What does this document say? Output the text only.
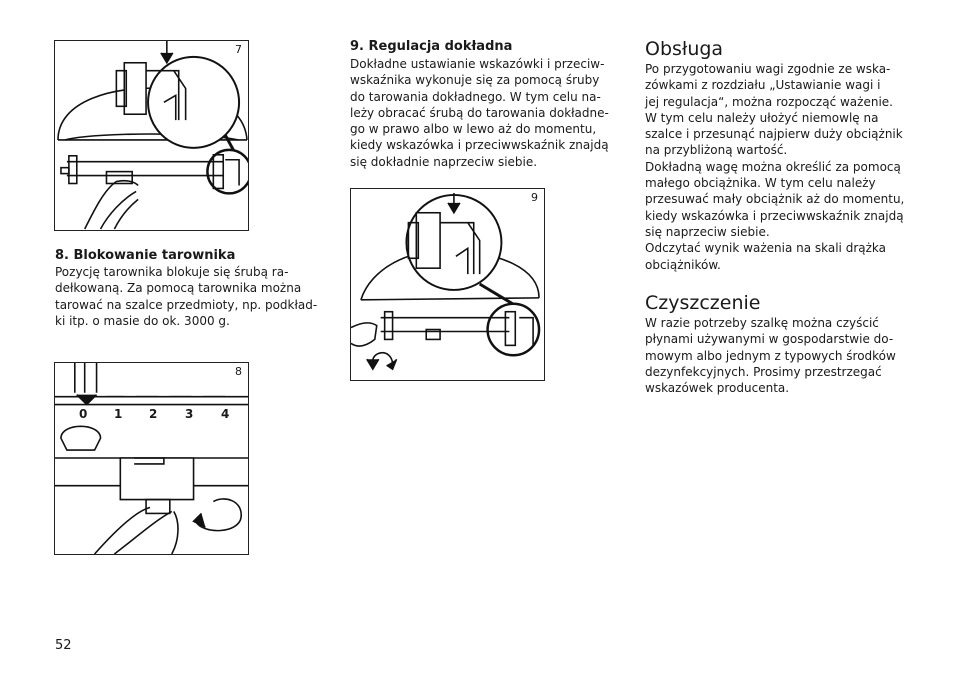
7
8. Blokowanie tarownika

Pozycję tarownika blokuje się śrubą ra-
dełkowaną. Za pomocą tarownika można
tarować na szalce przedmioty, np. podkład-
ki itp. o masie do ok. 3000 g.

0 1 2 3 4
8
9. Regulacja dokładna

Dokładne ustawianie wskazówki i przeciw-
wskaźnika wykonuje się za pomocą śruby
do tarowania dokładnego. W tym celu na-
leży obracać śrubą do tarowania dokładne-
go w prawo albo w lewo aż do momentu,
kiedy wskazówka i przeciwwskaźnik znajdą
się dokładnie naprzeciw siebie.

9
Obsługa

Po przygotowaniu wagi zgodnie ze wska-
zówkami z rozdziału „Ustawianie wagi i
jej regulacja“, można rozpocząć ważenie.
W tym celu należy ułożyć niemowlę na
szalce i przesunąć najpierw duży obciążnik
na przybliżoną wartość.
Dokładną wagę można określić za pomocą
małego obciążnika. W tym celu należy
przesuwać mały obciążnik aż do momentu,
kiedy wskazówka i przeciwwskaźnik znajdą
się naprzeciw siebie.
Odczytać wynik ważenia na skali drążka
obciążników.

Czyszczenie

W razie potrzeby szalkę można czyścić
płynami używanymi w gospodarstwie do-
mowym albo jednym z typowych środków
dezynfekcyjnych. Prosimy przestrzegać
wskazówek producenta.

52
